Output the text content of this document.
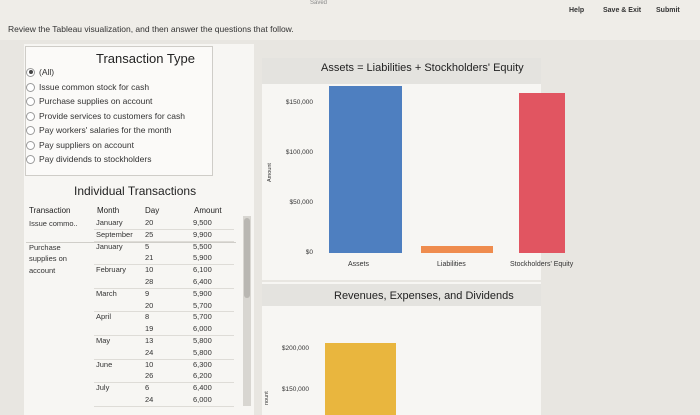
Saved
Help	Save & Exit Submit
Review the Tableau visualization, and then answer the questions that follow.
Transaction Type
(All)
Issue common stock for cash
Purchase supplies on account
Provide services to customers for cash
Pay workers' salaries for the month
Pay suppliers on account
Pay dividends to stockholders
Individual Transactions
Transaction	Month	Day	Amount
Issue commo..	January	20	9,500
September 25	9,900
Purchase supplies on account
January	5	5,500
21	5,900
February	10	6,100
28	6,400
March	9	5,900
20	5,700
April	8	5,700
19	6,000
May	13	5,800
24	5,800
June	10	6,300
26	6,200
July	6	6,400
24	6,000
Assets = Liabilities + Stockholders' Equity
Revenues, Expenses, and Dividends
Amount
nount
Assets	Liabilities	Stockholders' Equity
$150,000
$100,000
$50,000
$0
$200,000
$150,000
